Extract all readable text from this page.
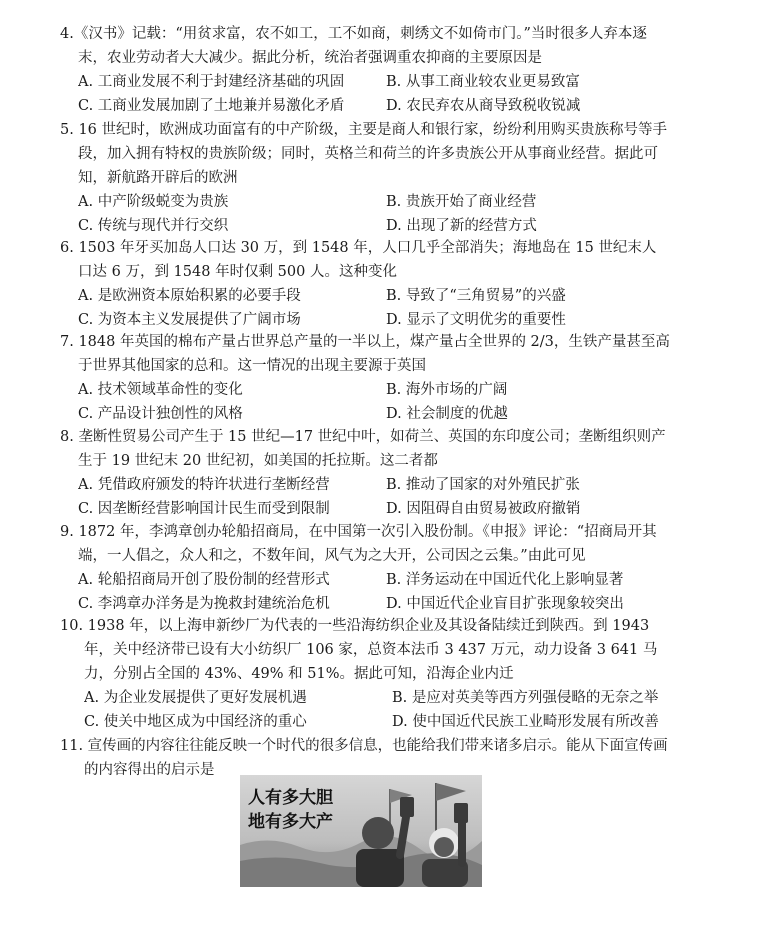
4.《汉书》记载：“用贫求富，农不如工，工不如商，刺绣文不如倚市门。”当时很多人弃本逐末，农业劳动者大大减少。据此分析，统治者强调重农抑商的主要原因是

A. 工商业发展不利于封建经济基础的巩固	B. 从事工商业较农业更易致富
C. 工商业发展加剧了土地兼并易激化矛盾	D. 农民弃农从商导致税收锐减

5. 16 世纪时，欧洲成功面富有的中产阶级，主要是商人和银行家，纷纷利用购买贵族称号等手段，加入拥有特权的贵族阶级；同时，英格兰和荷兰的许多贵族公开从事商业经营。据此可知，新航路开辟后的欧洲

A. 中产阶级蜕变为贵族	B. 贵族开始了商业经营
C. 传统与现代并行交织	D. 出现了新的经营方式

6. 1503 年牙买加岛人口达 30 万，到 1548 年，人口几乎全部消失；海地岛在 15 世纪末人口达 6 万，到 1548 年时仅剩 500 人。这种变化

A. 是欧洲资本原始积累的必要手段	B. 导致了“三角贸易”的兴盛
C. 为资本主义发展提供了广阔市场	D. 显示了文明优劣的重要性

7. 1848 年英国的棉布产量占世界总产量的一半以上，煤产量占全世界的 2/3，生铁产量甚至高于世界其他国家的总和。这一情况的出现主要源于英国

A. 技术领域革命性的变化	B. 海外市场的广阔
C. 产品设计独创性的风格	D. 社会制度的优越

8. 垄断性贸易公司产生于 15 世纪—17 世纪中叶，如荷兰、英国的东印度公司；垄断组织则产生于 19 世纪末 20 世纪初，如美国的托拉斯。这二者都

A. 凭借政府颁发的特许状进行垄断经营	B. 推动了国家的对外殖民扩张
C. 因垄断经营影响国计民生而受到限制	D. 因阻碍自由贸易被政府撤销

9. 1872 年，李鸿章创办轮船招商局，在中国第一次引入股份制。《申报》评论：“招商局开其端，一人倡之，众人和之，不数年间，风气为之大开，公司因之云集。”由此可见

A. 轮船招商局开创了股份制的经营形式	B. 洋务运动在中国近代化上影响显著
C. 李鸿章办洋务是为挽救封建统治危机	D. 中国近代企业盲目扩张现象较突出

10. 1938 年，以上海申新纱厂为代表的一些沿海纺织企业及其设备陆续迁到陕西。到 1943 年，关中经济带已设有大小纺织厂 106 家，总资本法币 3 437 万元，动力设备 3 641 马力，分别占全国的 43%、49% 和 51%。据此可知，沿海企业内迁

A. 为企业发展提供了更好发展机遇	B. 是应对英美等西方列强侵略的无奈之举
C. 使关中地区成为中国经济的重心	D. 使中国近代民族工业畸形发展有所改善

11. 宣传画的内容往往能反映一个时代的很多信息，也能给我们带来诸多启示。能从下面宣传画的内容得出的启示是

人有多大胆
地有多大产
